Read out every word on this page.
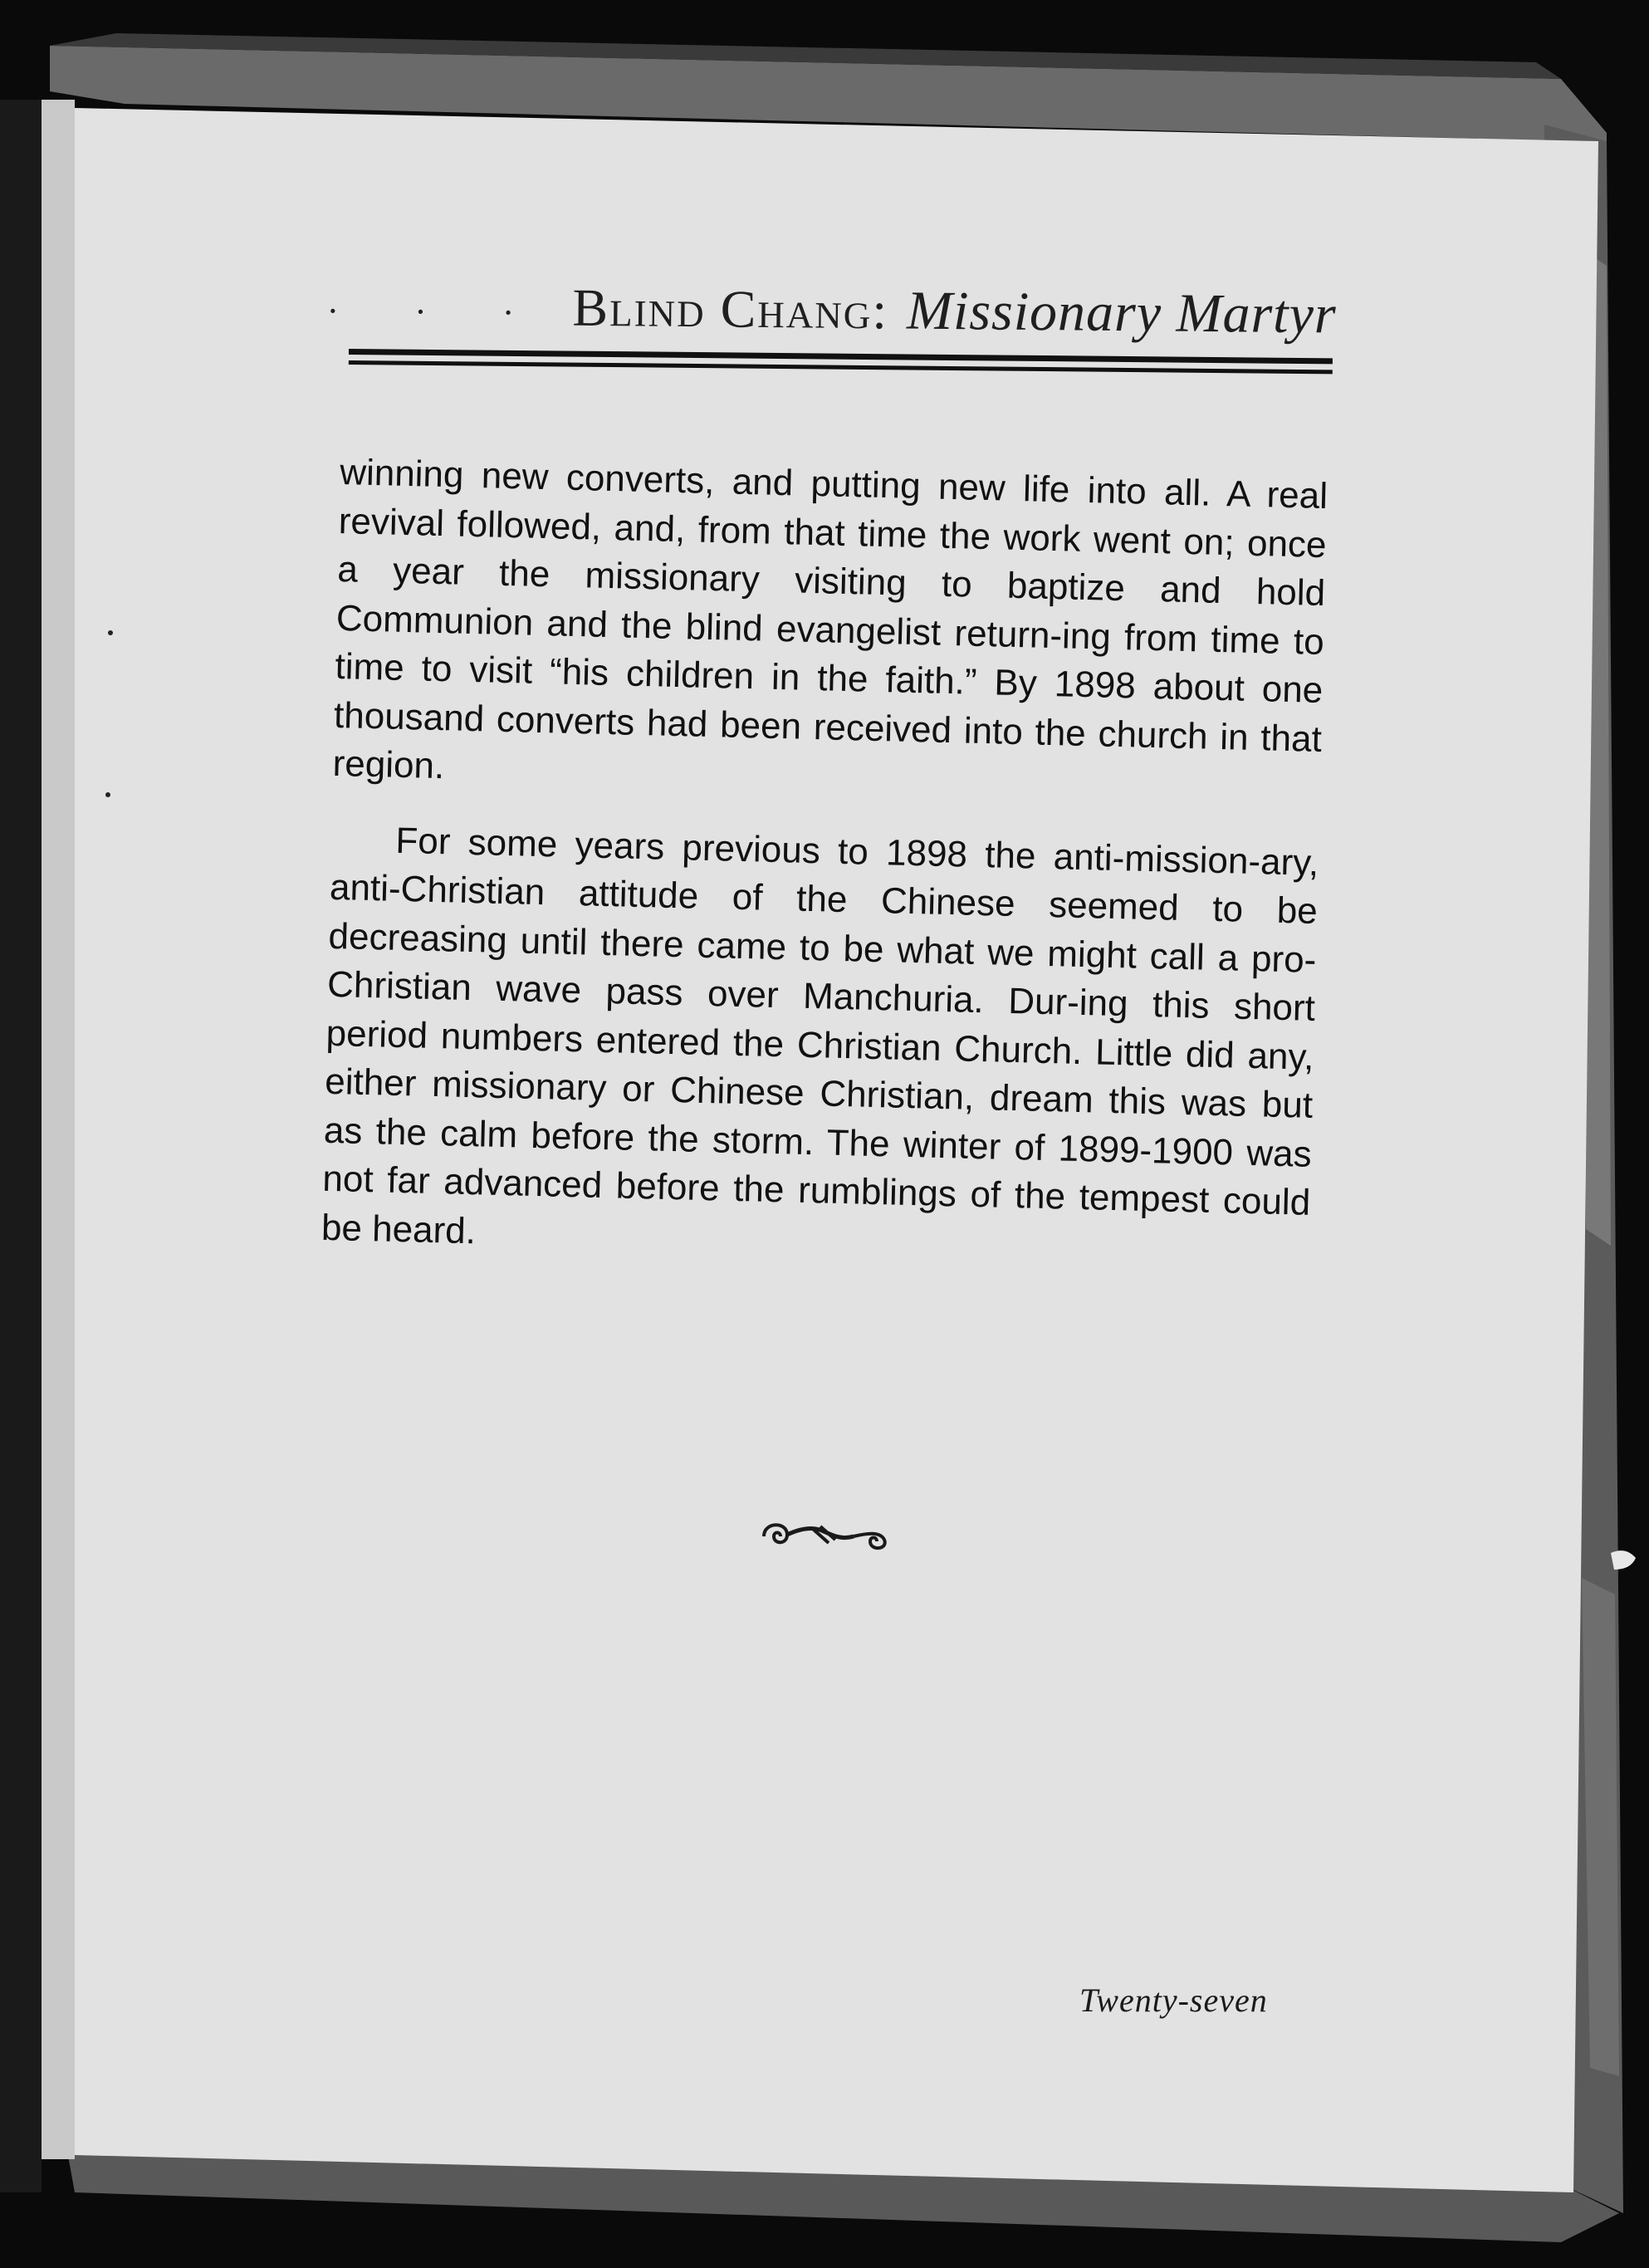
· · · Blind Chang: Missionary Martyr

winning new converts, and putting new life into all. A real revival followed, and, from that time the work went on; once a year the missionary visiting to baptize and hold Communion and the blind evangelist return-ing from time to time to visit “his children in the faith.” By 1898 about one thousand converts had been received into the church in that region.

For some years previous to 1898 the anti-mission-ary, anti-Christian attitude of the Chinese seemed to be decreasing until there came to be what we might call a pro-Christian wave pass over Manchuria. Dur-ing this short period numbers entered the Christian Church. Little did any, either missionary or Chinese Christian, dream this was but as the calm before the storm. The winter of 1899-1900 was not far advanced before the rumblings of the tempest could be heard.

Twenty-seven
